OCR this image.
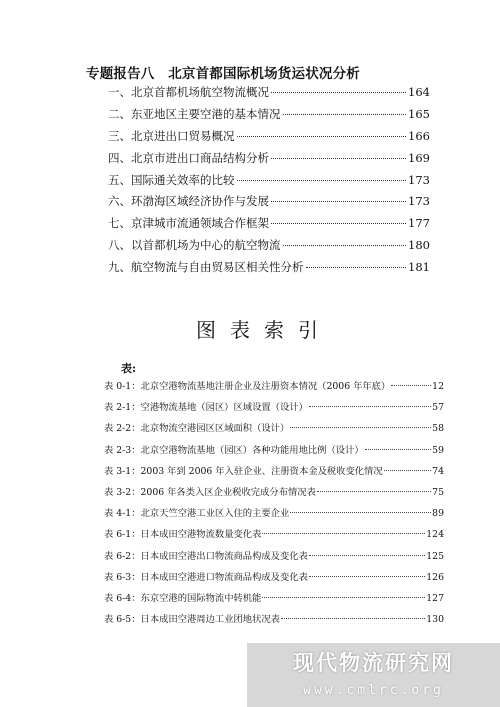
专题报告八　北京首都国际机场货运状况分析
一、北京首都机场航空物流概况	164
二、东亚地区主要空港的基本情况	165
三、北京进出口贸易概况	166
四、北京市进出口商品结构分析	169
五、国际通关效率的比较	173
六、环渤海区域经济协作与发展	173
七、京津城市流通领域合作框架	177
八、以首都机场为中心的航空物流	180
九、航空物流与自由贸易区相关性分析	181
图表索引
表:
表 0-1：北京空港物流基地注册企业及注册资本情况（2006 年年底）	12
表 2-1：空港物流基地（园区）区域设置（设计）	57
表 2-2：北京物流空港园区区域面积（设计）	58
表 2-3：北京空港物流基地（园区）各种功能用地比例（设计）	59
表 3-1：2003 年到 2006 年入驻企业、注册资本金及税收变化情况	74
表 3-2：2006 年各类入区企业税收完成分布情况表	75
表 4-1：北京天竺空港工业区入住的主要企业	89
表 6-1：日本成田空港物流数量变化表	124
表 6-2：日本成田空港出口物流商品构成及变化表	125
表 6-3：日本成田空港进口物流商品构成及变化表	126
表 6-4：东京空港的国际物流中转机能	127
表 6-5：日本成田空港周边工业团地状况表	130
现代物流研究网
www.cmlrc.org
